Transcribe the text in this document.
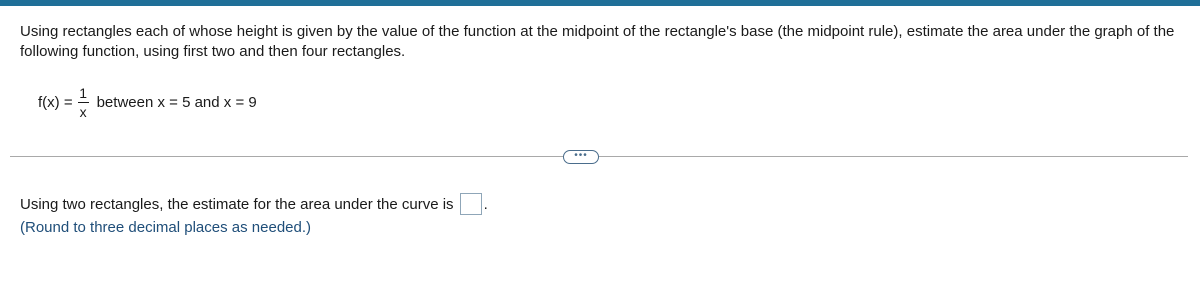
Using rectangles each of whose height is given by the value of the function at the midpoint of the rectangle's base (the midpoint rule), estimate the area under the graph of the following function, using first two and then four rectangles.
$f(x) = \frac{1}{x}$ between x = 5 and x = 9
•••
Using two rectangles, the estimate for the area under the curve is .
(Round to three decimal places as needed.)
